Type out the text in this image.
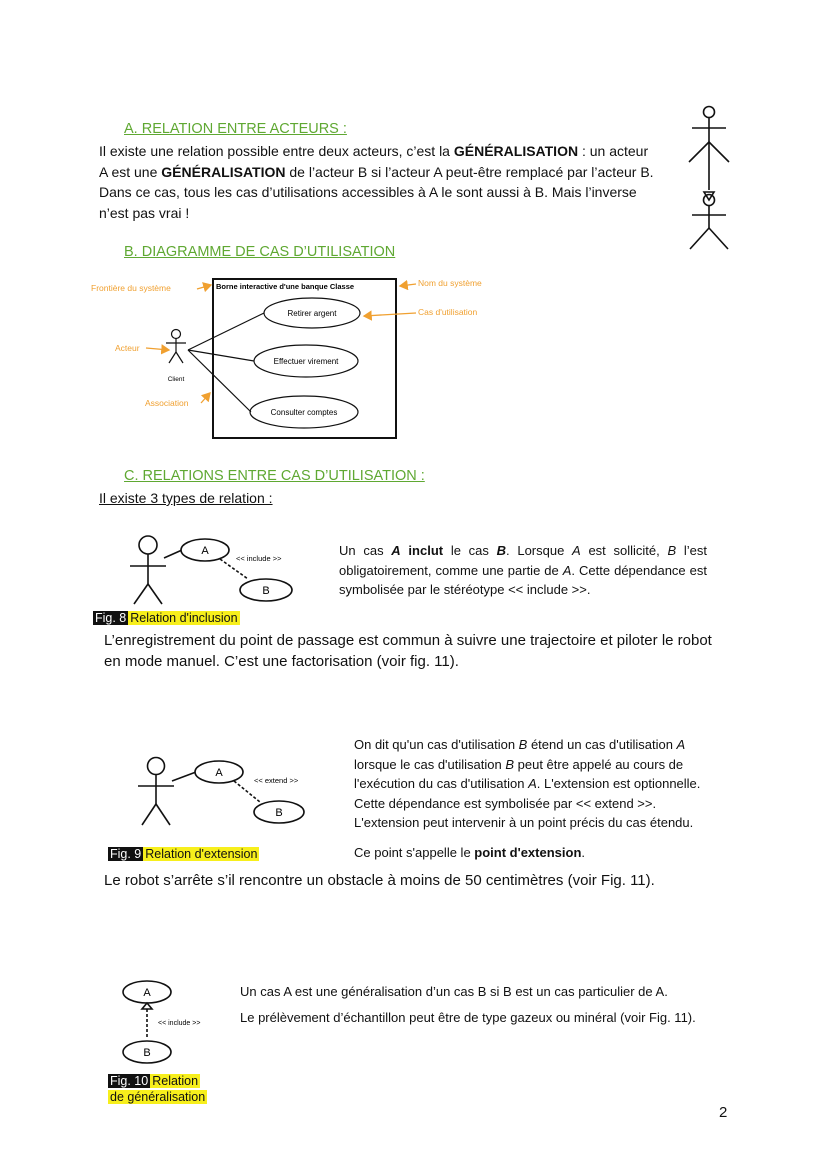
A. RELATION ENTRE ACTEURS :
Il existe une relation possible entre deux acteurs, c’est la GÉNÉRALISATION : un acteur A est une GÉNÉRALISATION de l’acteur B si l’acteur A peut-être remplacé par l’acteur B. Dans ce cas, tous les cas d’utilisations accessibles à A le sont aussi à B. Mais l’inverse n’est pas vrai !
B. DIAGRAMME DE CAS D’UTILISATION
Borne interactive d'une banque Classe
Retirer argent
Effectuer virement
Consulter comptes
Client
Frontière du système	Nom du système
Cas d'utilisation
Acteur
Association
C. RELATIONS ENTRE CAS D’UTILISATION :
Il existe 3 types de relation :
A
B
<< include >>
Un cas A inclut le cas B. Lorsque A est sollicité, B l’est obligatoirement, comme une partie de A. Cette dépendance est symbolisée par le stéréotype << include >>.
Fig. 8 Relation d'inclusion
L’enregistrement du point de passage est commun à suivre une trajectoire et piloter le robot en mode manuel. C’est une factorisation (voir fig. 11).
A
B
<< extend >>
On dit qu'un cas d'utilisation B étend un cas d'utilisation A lorsque le cas d'utilisation B peut être appelé au cours de l'exécution du cas d'utilisation A. L'extension est optionnelle. Cette dépendance est symbolisée par << extend >>. L'extension peut intervenir à un point précis du cas étendu.
Ce point s'appelle le point d'extension.
Fig. 9 Relation d'extension
Le robot s’arrête s’il rencontre un obstacle à moins de 50 centimètres (voir Fig. 11).
A
B
<< include >>
Un cas A est une généralisation d’un cas B si B est un cas particulier de A.
Le prélèvement d’échantillon peut être de type gazeux ou minéral (voir Fig. 11).
Fig. 10 Relation
de généralisation
2
